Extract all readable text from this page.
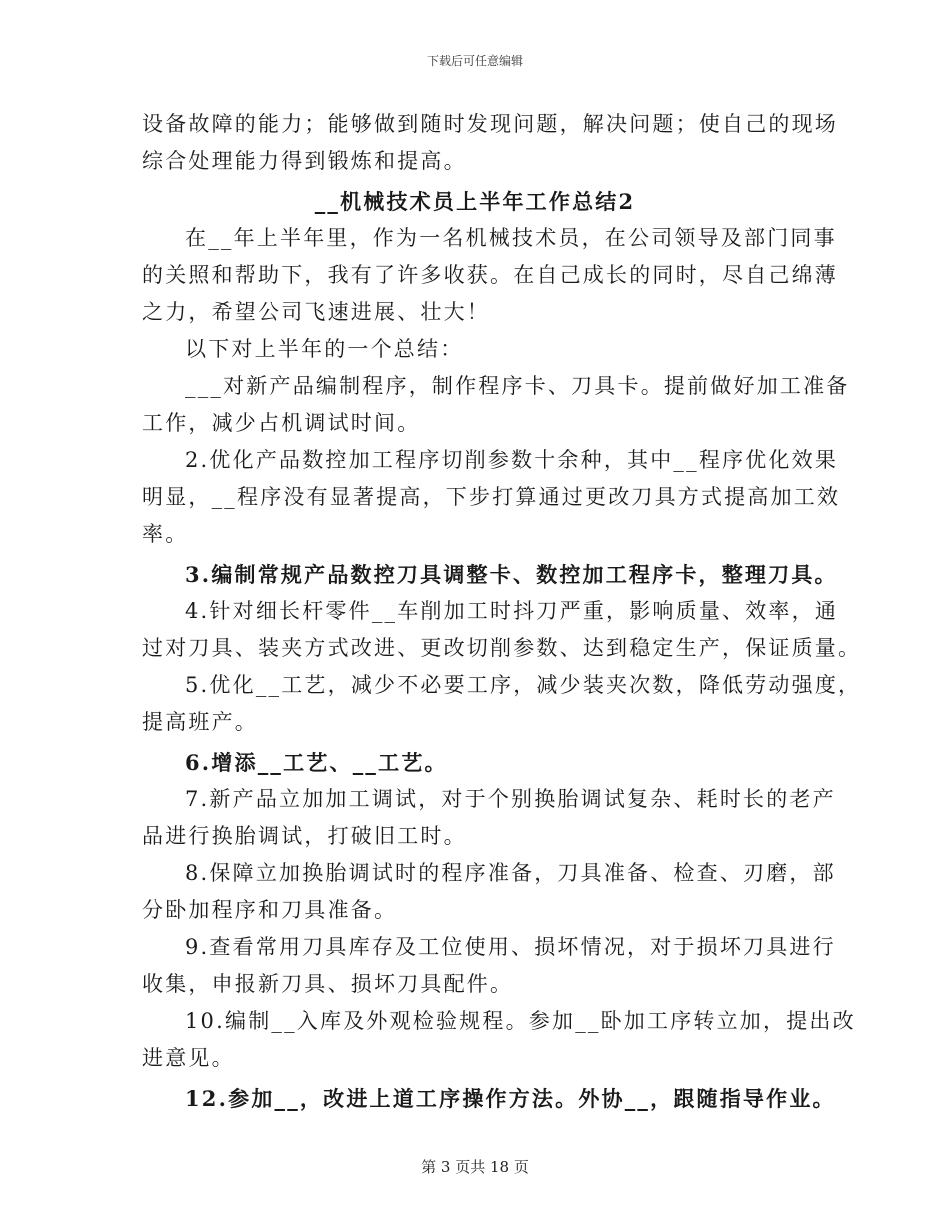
下载后可任意编辑
设备故障的能力；能够做到随时发现问题，解决问题；使自己的现场
综合处理能力得到锻炼和提高。
__机械技术员上半年工作总结2
在__年上半年里，作为一名机械技术员，在公司领导及部门同事
的关照和帮助下，我有了许多收获。在自己成长的同时，尽自己绵薄
之力，希望公司飞速进展、壮大！
以下对上半年的一个总结：
___对新产品编制程序，制作程序卡、刀具卡。提前做好加工准备
工作，减少占机调试时间。
2.优化产品数控加工程序切削参数十余种，其中__程序优化效果
明显，__程序没有显著提高，下步打算通过更改刀具方式提高加工效
率。
3.编制常规产品数控刀具调整卡、数控加工程序卡，整理刀具。
4.针对细长杆零件__车削加工时抖刀严重，影响质量、效率，通
过对刀具、装夹方式改进、更改切削参数、达到稳定生产，保证质量。
5.优化__工艺，减少不必要工序，减少装夹次数，降低劳动强度，
提高班产。
6.增添__工艺、__工艺。
7.新产品立加加工调试，对于个别换胎调试复杂、耗时长的老产
品进行换胎调试，打破旧工时。
8.保障立加换胎调试时的程序准备，刀具准备、检查、刃磨，部
分卧加程序和刀具准备。
9.查看常用刀具库存及工位使用、损坏情况，对于损坏刀具进行
收集，申报新刀具、损坏刀具配件。
10.编制__入库及外观检验规程。参加__卧加工序转立加，提出改
进意见。
12.参加__，改进上道工序操作方法。外协__，跟随指导作业。
第 3 页共 18 页
